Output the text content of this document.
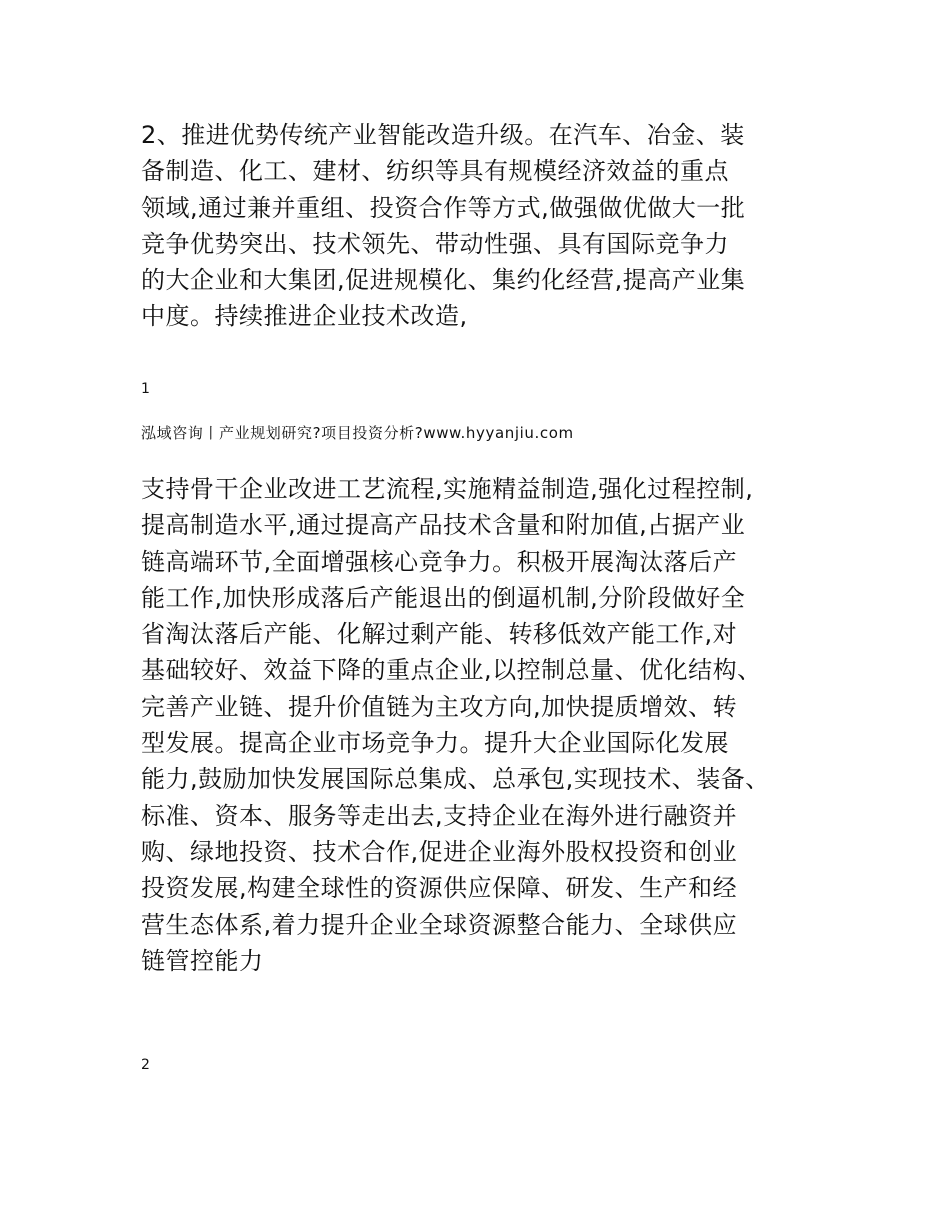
2、推进优势传统产业智能改造升级。在汽车、冶金、装
备制造、化工、建材、纺织等具有规模经济效益的重点
领域,通过兼并重组、投资合作等方式,做强做优做大一批
竞争优势突出、技术领先、带动性强、具有国际竞争力
的大企业和大集团,促进规模化、集约化经营,提高产业集
中度。持续推进企业技术改造,
1
泓域咨询丨产业规划研究?项目投资分析?www.hyyanjiu.com
支持骨干企业改进工艺流程,实施精益制造,强化过程控制,
提高制造水平,通过提高产品技术含量和附加值,占据产业
链高端环节,全面增强核心竞争力。积极开展淘汰落后产
能工作,加快形成落后产能退出的倒逼机制,分阶段做好全
省淘汰落后产能、化解过剩产能、转移低效产能工作,对
基础较好、效益下降的重点企业,以控制总量、优化结构、
完善产业链、提升价值链为主攻方向,加快提质增效、转
型发展。提高企业市场竞争力。提升大企业国际化发展
能力,鼓励加快发展国际总集成、总承包,实现技术、装备、
标准、资本、服务等走出去,支持企业在海外进行融资并
购、绿地投资、技术合作,促进企业海外股权投资和创业
投资发展,构建全球性的资源供应保障、研发、生产和经
营生态体系,着力提升企业全球资源整合能力、全球供应
链管控能力
2
